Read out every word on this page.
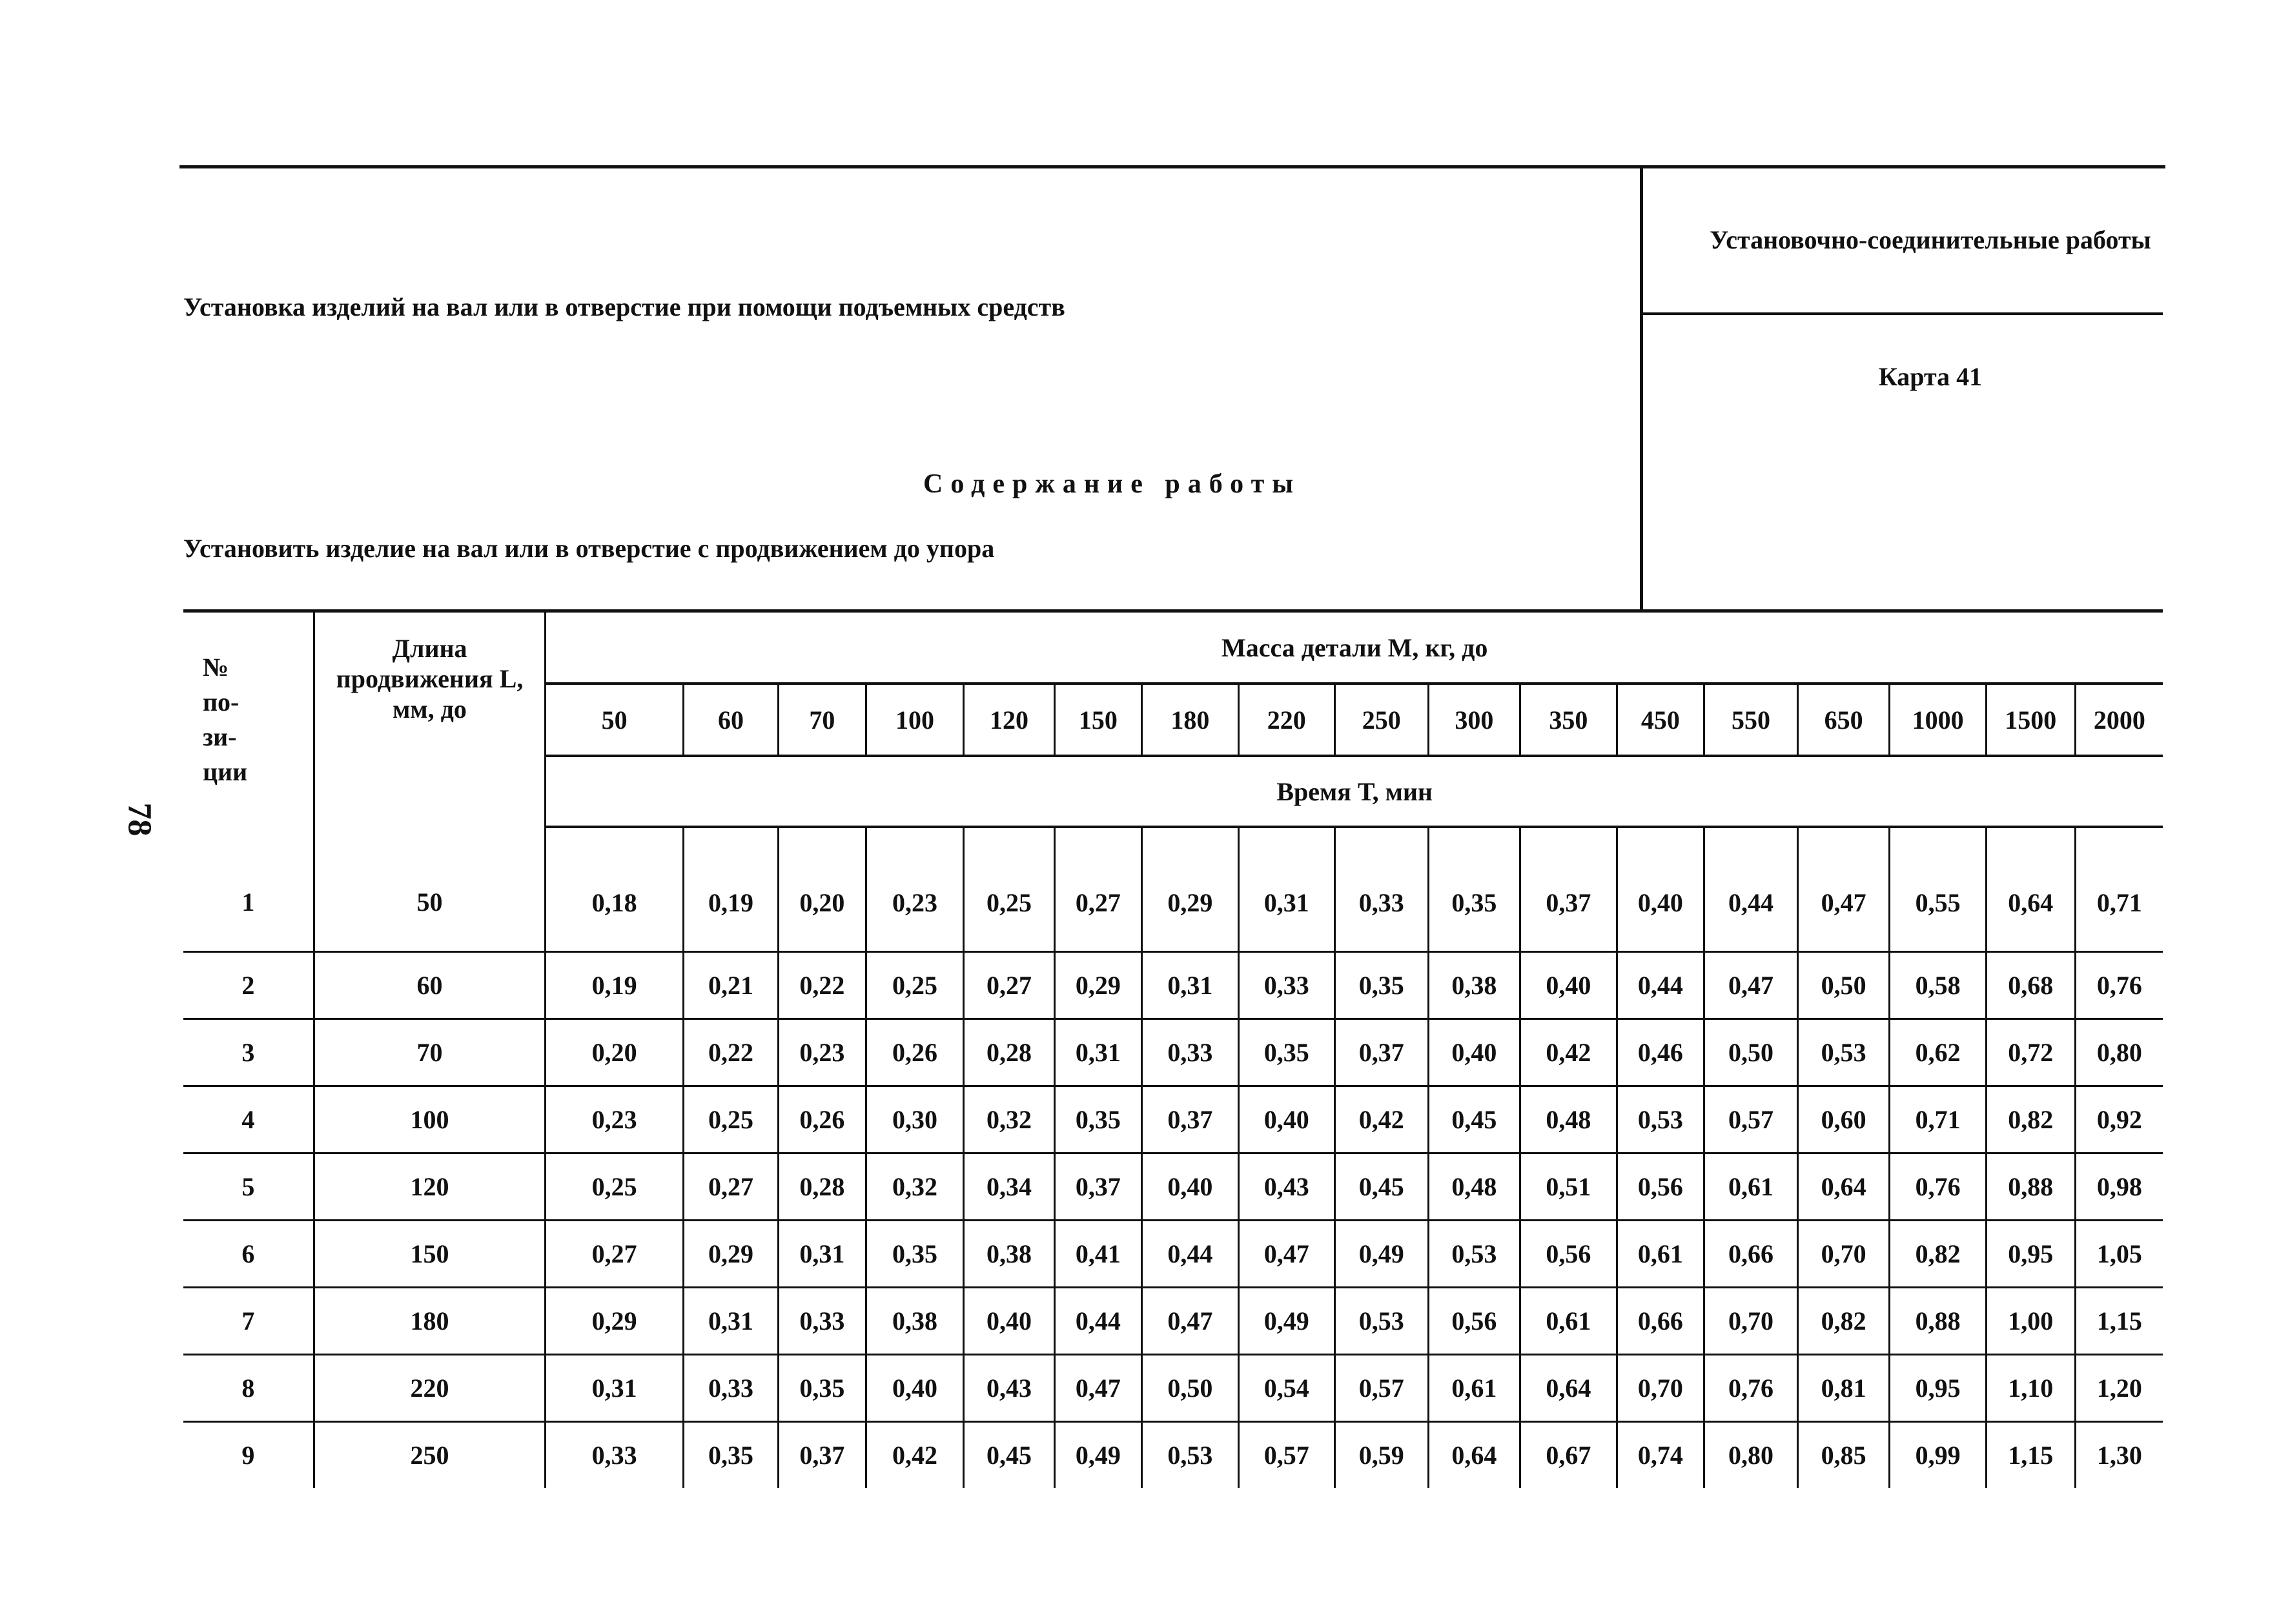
Установка изделий на вал или в отверстие при помощи подъемных средств
Установочно-соединительные работы
Карта 41
Содержание работы
Установить изделие на вал или в отверстие с продвижением до упора
78
№
по-
зи-
ции	Длина продвижения L, мм, до	Масса детали М, кг, до																
		50	60	70	100	120	150	180	220	250	300	350	450	550	650	1000	1500	2000
		Время Т, мин																
1	50	0,18	0,19	0,20	0,23	0,25	0,27	0,29	0,31	0,33	0,35	0,37	0,40	0,44	0,47	0,55	0,64	0,71
2	60	0,19	0,21	0,22	0,25	0,27	0,29	0,31	0,33	0,35	0,38	0,40	0,44	0,47	0,50	0,58	0,68	0,76
3	70	0,20	0,22	0,23	0,26	0,28	0,31	0,33	0,35	0,37	0,40	0,42	0,46	0,50	0,53	0,62	0,72	0,80
4	100	0,23	0,25	0,26	0,30	0,32	0,35	0,37	0,40	0,42	0,45	0,48	0,53	0,57	0,60	0,71	0,82	0,92
5	120	0,25	0,27	0,28	0,32	0,34	0,37	0,40	0,43	0,45	0,48	0,51	0,56	0,61	0,64	0,76	0,88	0,98
6	150	0,27	0,29	0,31	0,35	0,38	0,41	0,44	0,47	0,49	0,53	0,56	0,61	0,66	0,70	0,82	0,95	1,05
7	180	0,29	0,31	0,33	0,38	0,40	0,44	0,47	0,49	0,53	0,56	0,61	0,66	0,70	0,82	0,88	1,00	1,15
8	220	0,31	0,33	0,35	0,40	0,43	0,47	0,50	0,54	0,57	0,61	0,64	0,70	0,76	0,81	0,95	1,10	1,20
9	250	0,33	0,35	0,37	0,42	0,45	0,49	0,53	0,57	0,59	0,64	0,67	0,74	0,80	0,85	0,99	1,15	1,30
